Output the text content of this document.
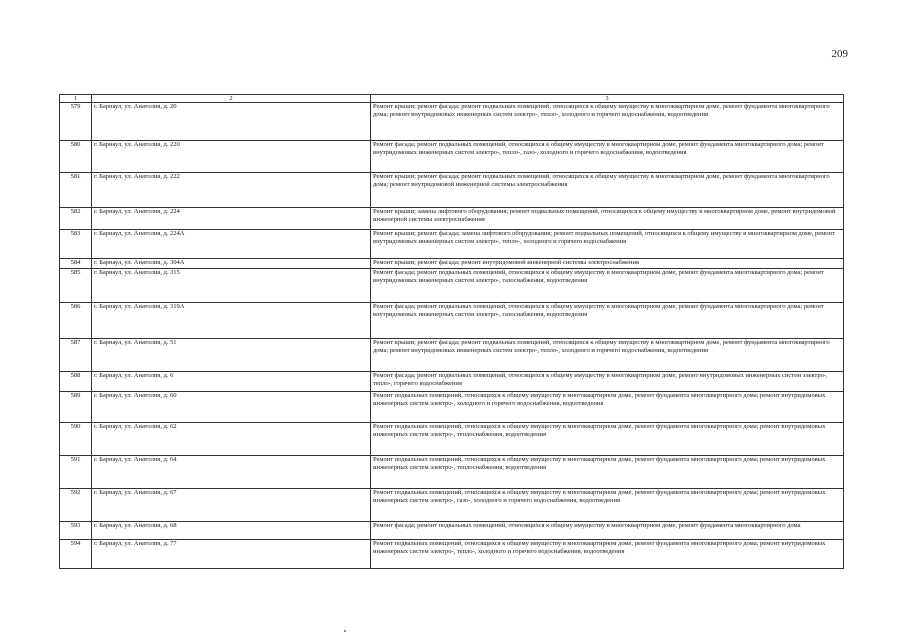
209
1	2	3
579	г. Барнаул, ул. Анатолия, д. 20	Ремонт крыши; ремонт фасада; ремонт подвальных помещений, относящихся к общему имуществу в многоквартирном доме, ремонт фундамента многоквартирного дома; ремонт внутридомовых инженерных систем электро-, тепло-, холодного и горячего водоснабжения, водоотведения
580	г. Барнаул, ул. Анатолия, д. 220	Ремонт фасада; ремонт подвальных помещений, относящихся к общему имуществу в многоквартирном доме, ремонт фундамента многоквартирного дома; ремонт внутридомовых инженерных систем электро-, тепло-, газо-, холодного и горячего водоснабжения, водоотведения
581	г. Барнаул, ул. Анатолия, д. 222	Ремонт крыши; ремонт фасада; ремонт подвальных помещений, относящихся к общему имуществу в многоквартирном доме, ремонт фундамента многоквартирного дома; ремонт внутридомовой инженерной системы электроснабжения
582	г. Барнаул, ул. Анатолия, д. 224	Ремонт крыши; замена лифтового оборудования; ремонт подвальных помещений, относящихся к общему имуществу в многоквартирном доме, ремонт внутридомовой инженерной системы электроснабжения
583	г. Барнаул, ул. Анатолия, д. 224А	Ремонт крыши; ремонт фасада; замена лифтового оборудования; ремонт подвальных помещений, относящихся к общему имуществу в многоквартирном доме, ремонт внутридомовых инженерных систем электро-, тепло-, холодного и горячего водоснабжения
584	г. Барнаул, ул. Анатолия, д. 304А	Ремонт крыши; ремонт фасада; ремонт внутридомовой инженерной системы электроснабжения
585	г. Барнаул, ул. Анатолия, д. 315	Ремонт фасада; ремонт подвальных помещений, относящихся к общему имуществу в многоквартирном доме, ремонт фундамента многоквартирного дома; ремонт внутридомовых инженерных систем электро-, газоснабжения, водоотведения
586	г. Барнаул, ул. Анатолия, д. 319А	Ремонт фасада; ремонт подвальных помещений, относящихся к общему имуществу в многоквартирном доме, ремонт фундамента многоквартирного дома; ремонт внутридомовых инженерных систем электро-, газоснабжения, водоотведения
587	г. Барнаул, ул. Анатолия, д. 51	Ремонт крыши; ремонт фасада; ремонт подвальных помещений, относящихся к общему имуществу в многоквартирном доме, ремонт фундамента многоквартирного дома; ремонт внутридомовых инженерных систем электро-, тепло-, холодного и горячего водоснабжения, водоотведения
588	г. Барнаул, ул. Анатолия, д. 6	Ремонт фасада; ремонт подвальных помещений, относящихся к общему имуществу в многоквартирном доме, ремонт внутридомовых инженерных систем электро-, тепло-, горячего водоснабжения
589	г. Барнаул, ул. Анатолия, д. 60	Ремонт подвальных помещений, относящихся к общему имуществу в многоквартирном доме, ремонт фундамента многоквартирного дома; ремонт внутридомовых инженерных систем электро-, холодного и горячего водоснабжения, водоотведения
590	г. Барнаул, ул. Анатолия, д. 62	Ремонт подвальных помещений, относящихся к общему имуществу в многоквартирном доме, ремонт фундамента многоквартирного дома; ремонт внутридомовых инженерных систем электро-, теплоснабжения, водоотведения
591	г. Барнаул, ул. Анатолия, д. 64	Ремонт подвальных помещений, относящихся к общему имуществу в многоквартирном доме, ремонт фундамента многоквартирного дома; ремонт внутридомовых инженерных систем электро-, теплоснабжения, водоотведения
592	г. Барнаул, ул. Анатолия, д. 67	Ремонт подвальных помещений, относящихся к общему имуществу в многоквартирном доме, ремонт фундамента многоквартирного дома; ремонт внутридомовых инженерных систем электро-, газо-, холодного и горячего водоснабжения, водоотведения
593	г. Барнаул, ул. Анатолия, д. 68	Ремонт фасада; ремонт подвальных помещений, относящихся к общему имуществу в многоквартирном доме, ремонт фундамента многоквартирного дома
594	г. Барнаул, ул. Анатолия, д. 77	Ремонт подвальных помещений, относящихся к общему имуществу в многоквартирном доме, ремонт фундамента многоквартирного дома; ремонт внутридомовых инженерных систем электро-, тепло-, холодного и горячего водоснабжения, водоотведения
